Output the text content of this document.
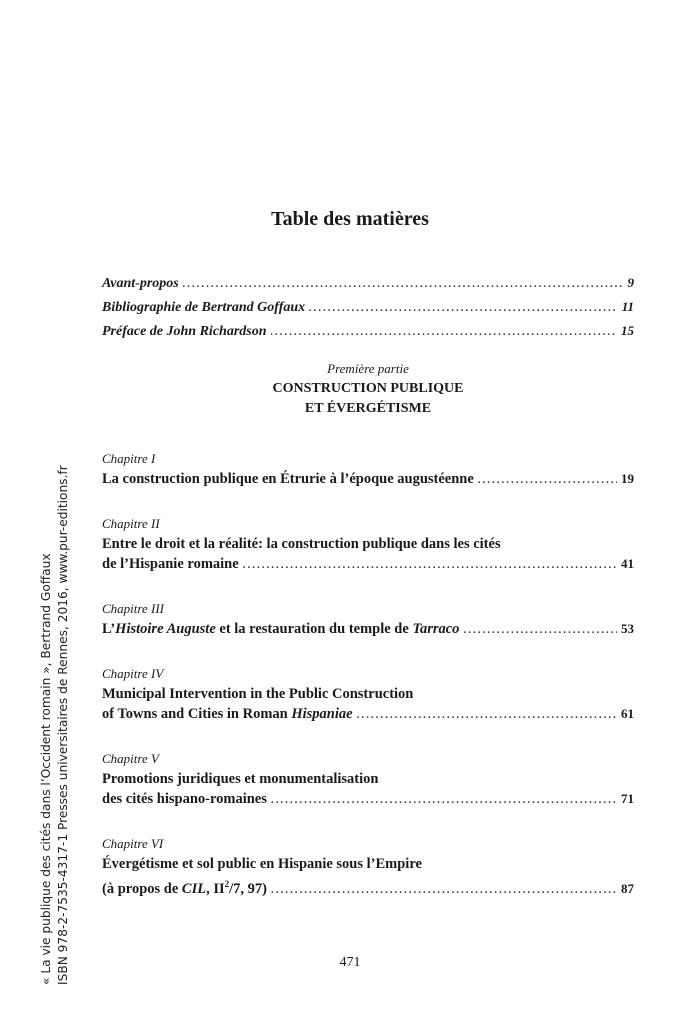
Table des matières
Avant-propos .....	9
Bibliographie de Bertrand Goffaux .....	11
Préface de John Richardson .....	15
Première partie
CONSTRUCTION PUBLIQUE
ET ÉVERGÉTISME
Chapitre I
La construction publique en Étrurie à l’époque augustéenne .....	19
Chapitre II
Entre le droit et la réalité: la construction publique dans les cités
de l’Hispanie romaine .....	41
Chapitre III
L’Histoire Auguste et la restauration du temple de Tarraco .....	53
Chapitre IV
Municipal Intervention in the Public Construction
of Towns and Cities in Roman Hispaniae .....	61
Chapitre V
Promotions juridiques et monumentalisation
des cités hispano-romaines .....	71
Chapitre VI
Évergétisme et sol public en Hispanie sous l’Empire
(à propos de CIL, $II^2/7$, 97) .....	87
471
« La vie publique des cités dans l’Occident romain », Bertrand Goffaux ISBN 978-2-7535-4317-1 Presses universitaires de Rennes, 2016, www.pur-editions.fr
